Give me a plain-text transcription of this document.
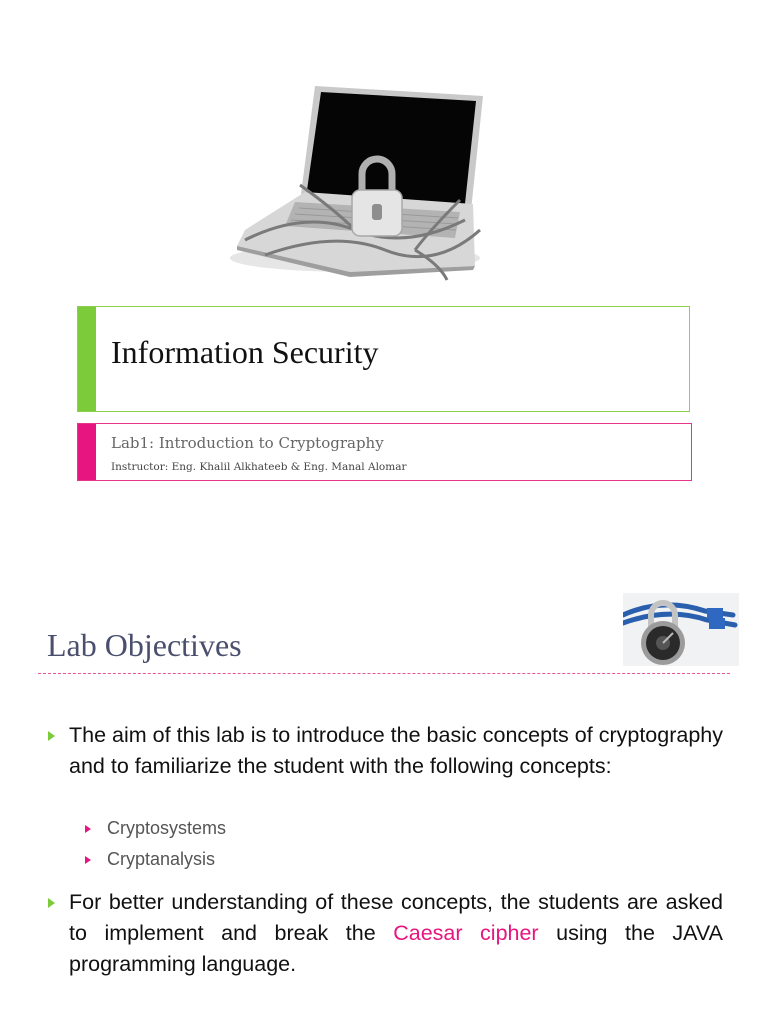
Information Security
Lab1: Introduction to Cryptography
Instructor: Eng. Khalil Alkhateeb & Eng. Manal Alomar
Lab Objectives
The aim of this lab is to introduce the basic concepts of cryptography and to familiarize the student with the following concepts:
Cryptosystems
Cryptanalysis
For better understanding of these concepts, the students are asked to implement and break the Caesar cipher using the JAVA programming language.
